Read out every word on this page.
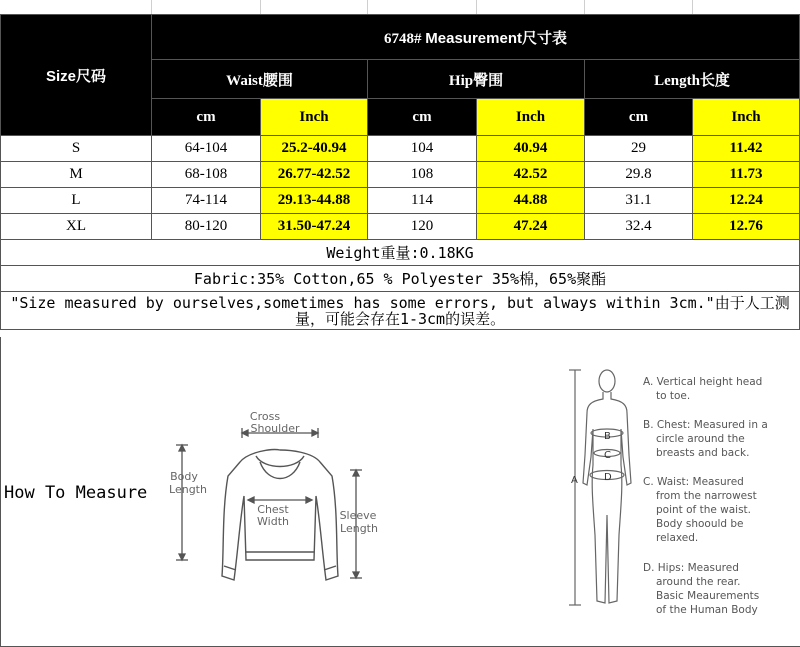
Size尺码	6748# Measurement尺寸表					
	Waist腰围		Hip臀围		Length长度	
	cm	Inch	cm	Inch	cm	Inch
S	64-104	25.2-40.94	104	40.94	29	11.42
M	68-108	26.77-42.52	108	42.52	29.8	11.73
L	74-114	29.13-44.88	114	44.88	31.1	12.24
XL	80-120	31.50-47.24	120	47.24	32.4	12.76
Weight重量:0.18KG						
Fabric:35% Cotton,65 % Polyester 35%棉，65%聚酯						
"Size measured by ourselves,sometimes has some errors, but always within 3cm."由于人工测量，可能会存在1-3cm的误差。						
How To Measure
Cross
Shoulder
Body
Length
Chest
Width	Sleeve
Length
A
B
C
D
A. Vertical height head
to toe.
B. Chest: Measured in a
circle around the
breasts and back.
C. Waist: Measured
from the narrowest
point of the waist.
Body shoould be
relaxed.
D. Hips: Measured
around the rear.
Basic Meaurements
of the Human Body
